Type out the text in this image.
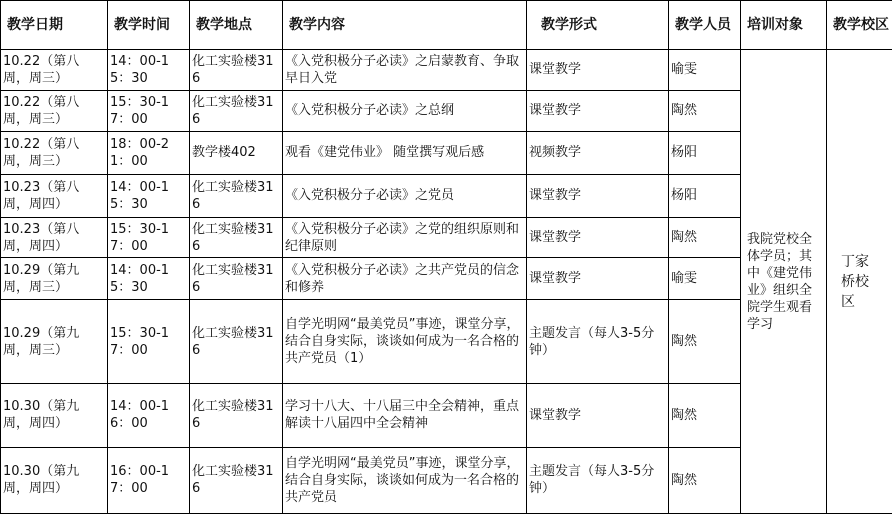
教学日期	教学时间	教学地点	教学内容	教学形式	教学人员	培训对象	教学校区
10.22（第八周，周三）	14：00-15：30	化工实验楼316	《入党积极分子必读》之启蒙教育、争取早日入党	课堂教学	喻雯	我院党校全体学员；其中《建党伟业》组织全院学生观看学习	丁家桥校区
10.22（第八周，周三）	15：30-17：00	化工实验楼316	《入党积极分子必读》之总纲	课堂教学	陶然		
10.22（第八周，周三）	18：00-21：00	教学楼402	观看《建党伟业》 随堂撰写观后感	视频教学	杨阳		
10.23（第八周，周四）	14：00-15：30	化工实验楼316	《入党积极分子必读》之党员	课堂教学	杨阳		
10.23（第八周，周四）	15：30-17：00	化工实验楼316	《入党积极分子必读》之党的组织原则和纪律原则	课堂教学	陶然		
10.29（第九周，周三）	14：00-15：30	化工实验楼316	《入党积极分子必读》之共产党员的信念和修养	课堂教学	喻雯		
10.29（第九周，周三）	15：30-17：00	化工实验楼316	自学光明网“最美党员”事迹，课堂分享，结合自身实际，谈谈如何成为一名合格的共产党员（1）	主题发言（每人3-5分钟）	陶然		
10.30（第九周，周四）	14：00-16：00	化工实验楼316	学习十八大、十八届三中全会精神，重点解读十八届四中全会精神	课堂教学	陶然		
10.30（第九周，周四）	16：00-17：00	化工实验楼316	自学光明网“最美党员”事迹，课堂分享，结合自身实际，谈谈如何成为一名合格的共产党员	主题发言（每人3-5分钟）	陶然		
